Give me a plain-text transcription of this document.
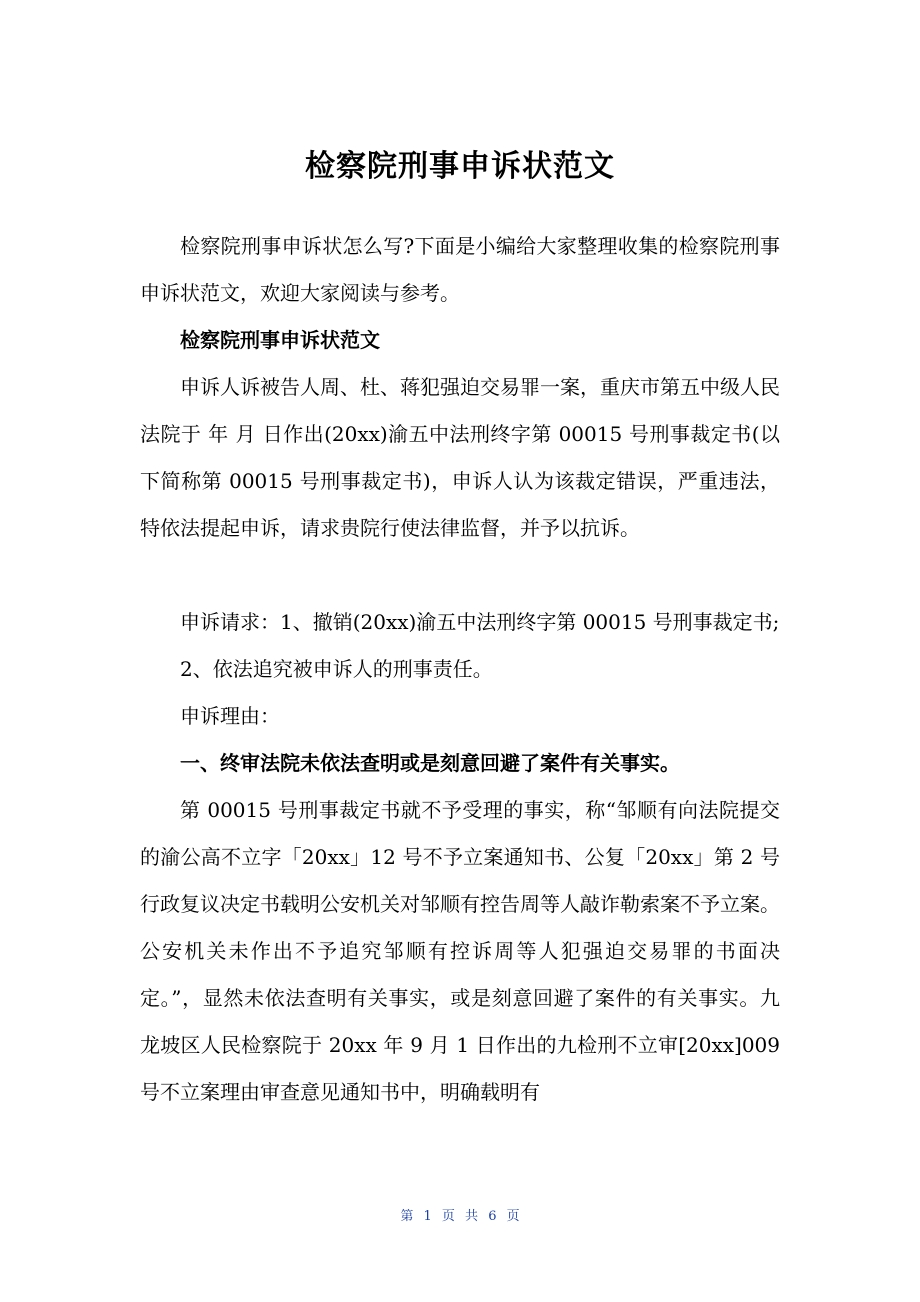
检察院刑事申诉状范文

检察院刑事申诉状怎么写?下面是小编给大家整理收集的检察院刑事申诉状范文，欢迎大家阅读与参考。

检察院刑事申诉状范文

申诉人诉被告人周、杜、蒋犯强迫交易罪一案，重庆市第五中级人民法院于 年 月 日作出(20xx)渝五中法刑终字第 00015 号刑事裁定书(以下简称第 00015 号刑事裁定书)，申诉人认为该裁定错误，严重违法，特依法提起申诉，请求贵院行使法律监督，并予以抗诉。

申诉请求：1、撤销(20xx)渝五中法刑终字第 00015 号刑事裁定书;

2、依法追究被申诉人的刑事责任。

申诉理由：

一、终审法院未依法查明或是刻意回避了案件有关事实。

第 00015 号刑事裁定书就不予受理的事实，称“邹顺有向法院提交的渝公高不立字「20xx」12 号不予立案通知书、公复「20xx」第 2 号行政复议决定书载明公安机关对邹顺有控告周等人敲诈勒索案不予立案。公安机关未作出不予追究邹顺有控诉周等人犯强迫交易罪的书面决定。”，显然未依法查明有关事实，或是刻意回避了案件的有关事实。九龙坡区人民检察院于 20xx 年 9 月 1 日作出的九检刑不立审[20xx]009 号不立案理由审查意见通知书中，明确载明有

第 1 页 共 6 页
